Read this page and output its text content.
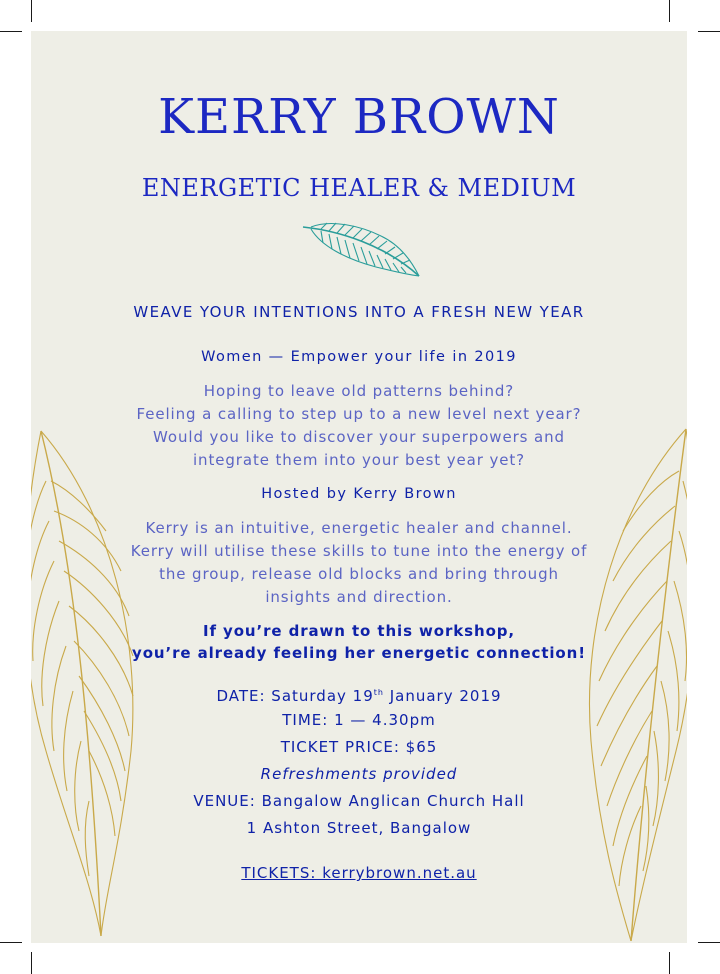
KERRY BROWN
ENERGETIC HEALER & MEDIUM
WEAVE YOUR INTENTIONS INTO A FRESH NEW YEAR
Women — Empower your life in 2019
Hoping to leave old patterns behind?
Feeling a calling to step up to a new level next year?
Would you like to discover your superpowers and
integrate them into your best year yet?
Hosted by Kerry Brown
Kerry is an intuitive, energetic healer and channel.
Kerry will utilise these skills to tune into the energy of
the group, release old blocks and bring through
insights and direction.
If you’re drawn to this workshop,
you’re already feeling her energetic connection!
DATE: Saturday 19th January 2019
TIME: 1 — 4.30pm
TICKET PRICE: $65
Refreshments provided
VENUE: Bangalow Anglican Church Hall
1 Ashton Street, Bangalow
TICKETS: kerrybrown.net.au
